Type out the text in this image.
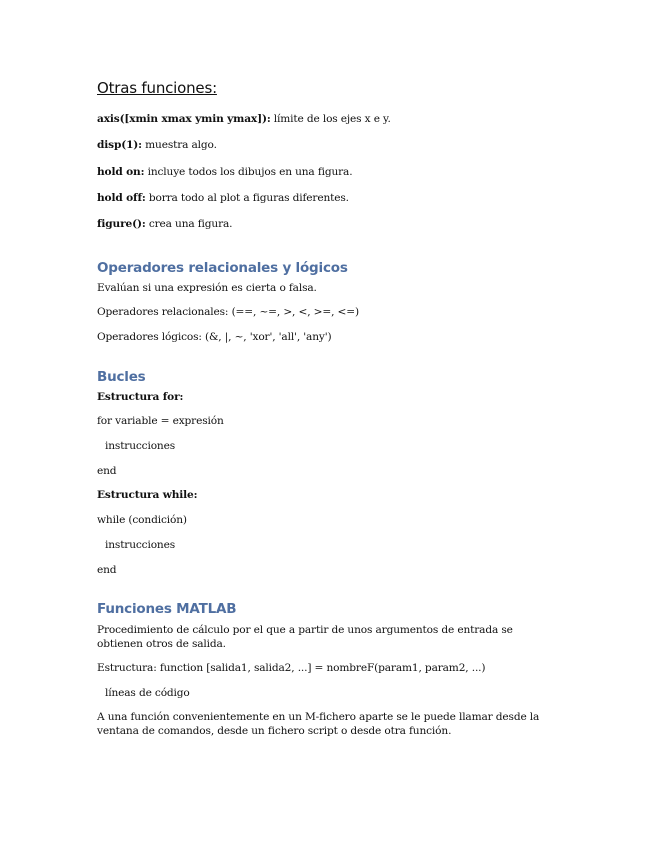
Otras funciones:
axis([xmin xmax ymin ymax]): límite de los ejes x e y.
disp(1): muestra algo.
hold on: incluye todos los dibujos en una figura.
hold off: borra todo al plot a figuras diferentes.
figure(): crea una figura.
Operadores relacionales y lógicos
Evalúan si una expresión es cierta o falsa.
Operadores relacionales: (==, ~=, >, <, >=, <=)
Operadores lógicos: (&, |, ~, 'xor', 'all', 'any')
Bucles
Estructura for:
for variable = expresión
instrucciones
end
Estructura while:
while (condición)
instrucciones
end
Funciones MATLAB
Procedimiento de cálculo por el que a partir de unos argumentos de entrada se obtienen otros de salida.
Estructura: function [salida1, salida2, ...] = nombreF(param1, param2, ...)
líneas de código
A una función convenientemente en un M-fichero aparte se le puede llamar desde la ventana de comandos, desde un fichero script o desde otra función.
